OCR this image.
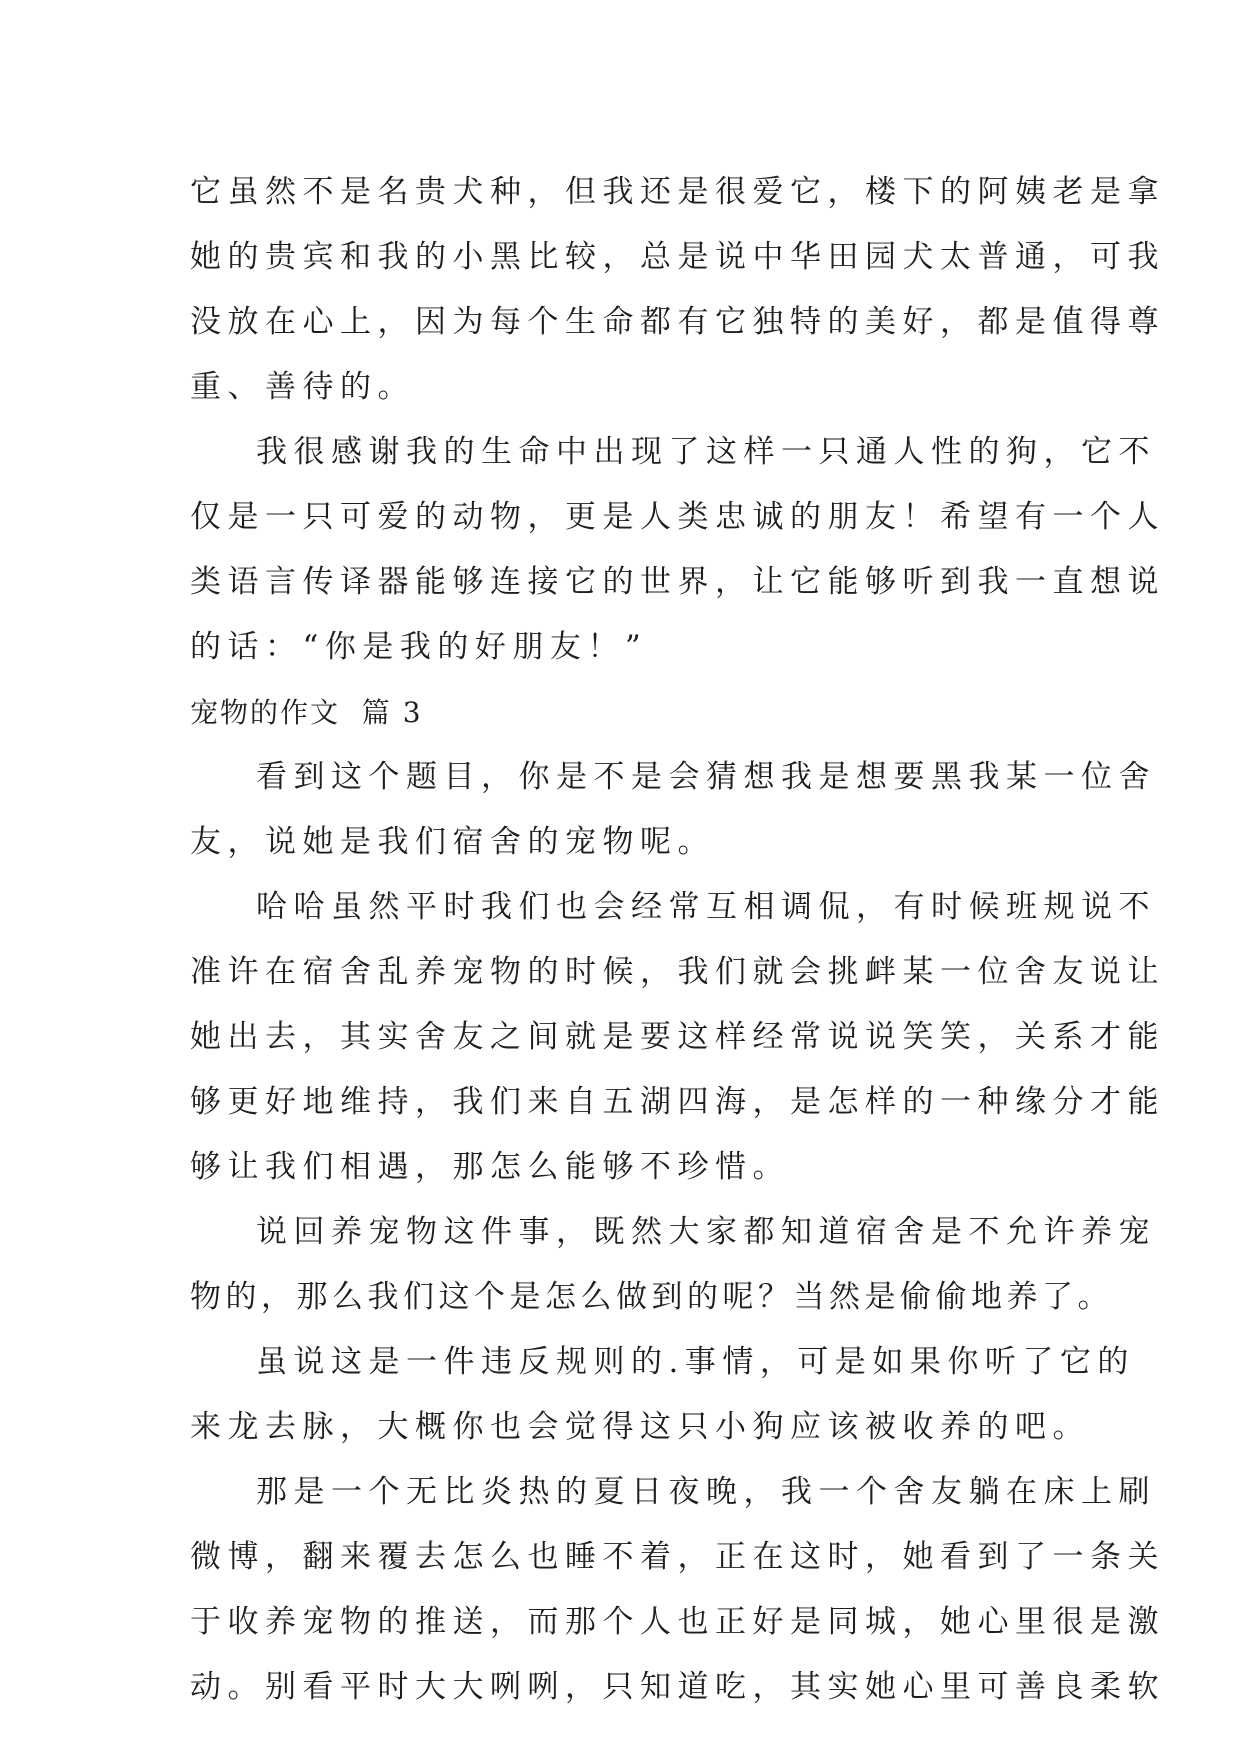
它虽然不是名贵犬种，但我还是很爱它，楼下的阿姨老是拿
她的贵宾和我的小黑比较，总是说中华田园犬太普通，可我
没放在心上，因为每个生命都有它独特的美好，都是值得尊
重、善待的。
我很感谢我的生命中出现了这样一只通人性的狗，它不
仅是一只可爱的动物，更是人类忠诚的朋友！希望有一个人
类语言传译器能够连接它的世界，让它能够听到我一直想说
的话：“你是我的好朋友！”
宠物的作文  篇 3
看到这个题目，你是不是会猜想我是想要黑我某一位舍
友，说她是我们宿舍的宠物呢。
哈哈虽然平时我们也会经常互相调侃，有时候班规说不
准许在宿舍乱养宠物的时候，我们就会挑衅某一位舍友说让
她出去，其实舍友之间就是要这样经常说说笑笑，关系才能
够更好地维持，我们来自五湖四海，是怎样的一种缘分才能
够让我们相遇，那怎么能够不珍惜。
说回养宠物这件事，既然大家都知道宿舍是不允许养宠
物的，那么我们这个是怎么做到的呢？当然是偷偷地养了。
虽说这是一件违反规则的.事情，可是如果你听了它的
来龙去脉，大概你也会觉得这只小狗应该被收养的吧。
那是一个无比炎热的夏日夜晚，我一个舍友躺在床上刷
微博，翻来覆去怎么也睡不着，正在这时，她看到了一条关
于收养宠物的推送，而那个人也正好是同城，她心里很是激
动。别看平时大大咧咧，只知道吃，其实她心里可善良柔软
